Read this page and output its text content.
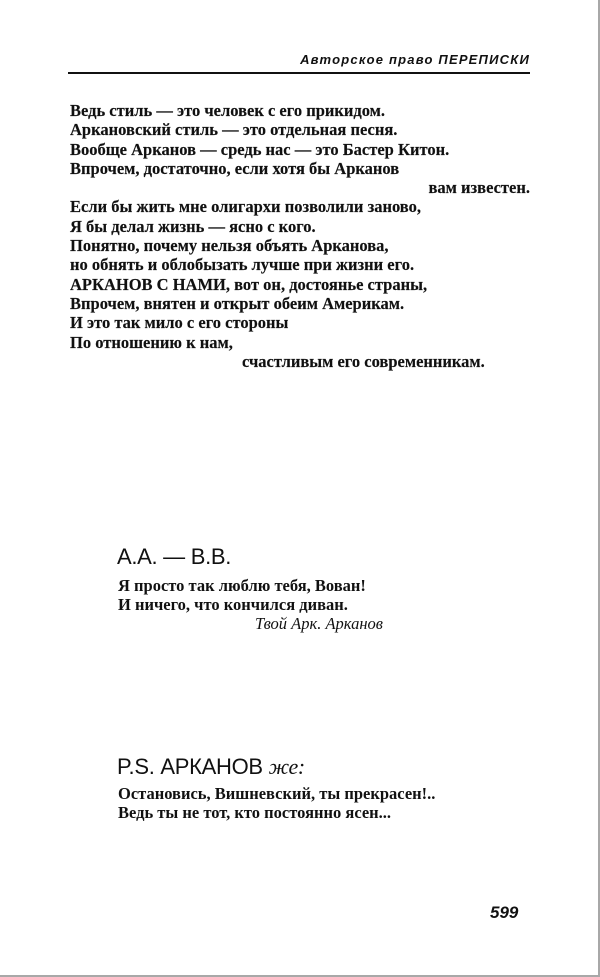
Авторское право ПЕРЕПИСКИ
Ведь стиль — это человек с его прикидом.
Аркановский стиль — это отдельная песня.
Вообще Арканов — средь нас — это Бастер Китон.
Впрочем, достаточно, если хотя бы Арканов
вам известен.
Если бы жить мне олигархи позволили заново,
Я бы делал жизнь — ясно с кого.
Понятно, почему нельзя объять Арканова,
но обнять и облобызать лучше при жизни его.
АРКАНОВ С НАМИ, вот он, достоянье страны,
Впрочем, внятен и открыт обеим Америкам.
И это так мило с его стороны
По отношению к нам,
счастливым его современникам.
А.А. — В.В.
Я просто так люблю тебя, Вован!
И ничего, что кончился диван.
Твой Арк. Арканов
P.S. АРКАНОВ же:
Остановись, Вишневский, ты прекрасен!..
Ведь ты не тот, кто постоянно ясен...
599
